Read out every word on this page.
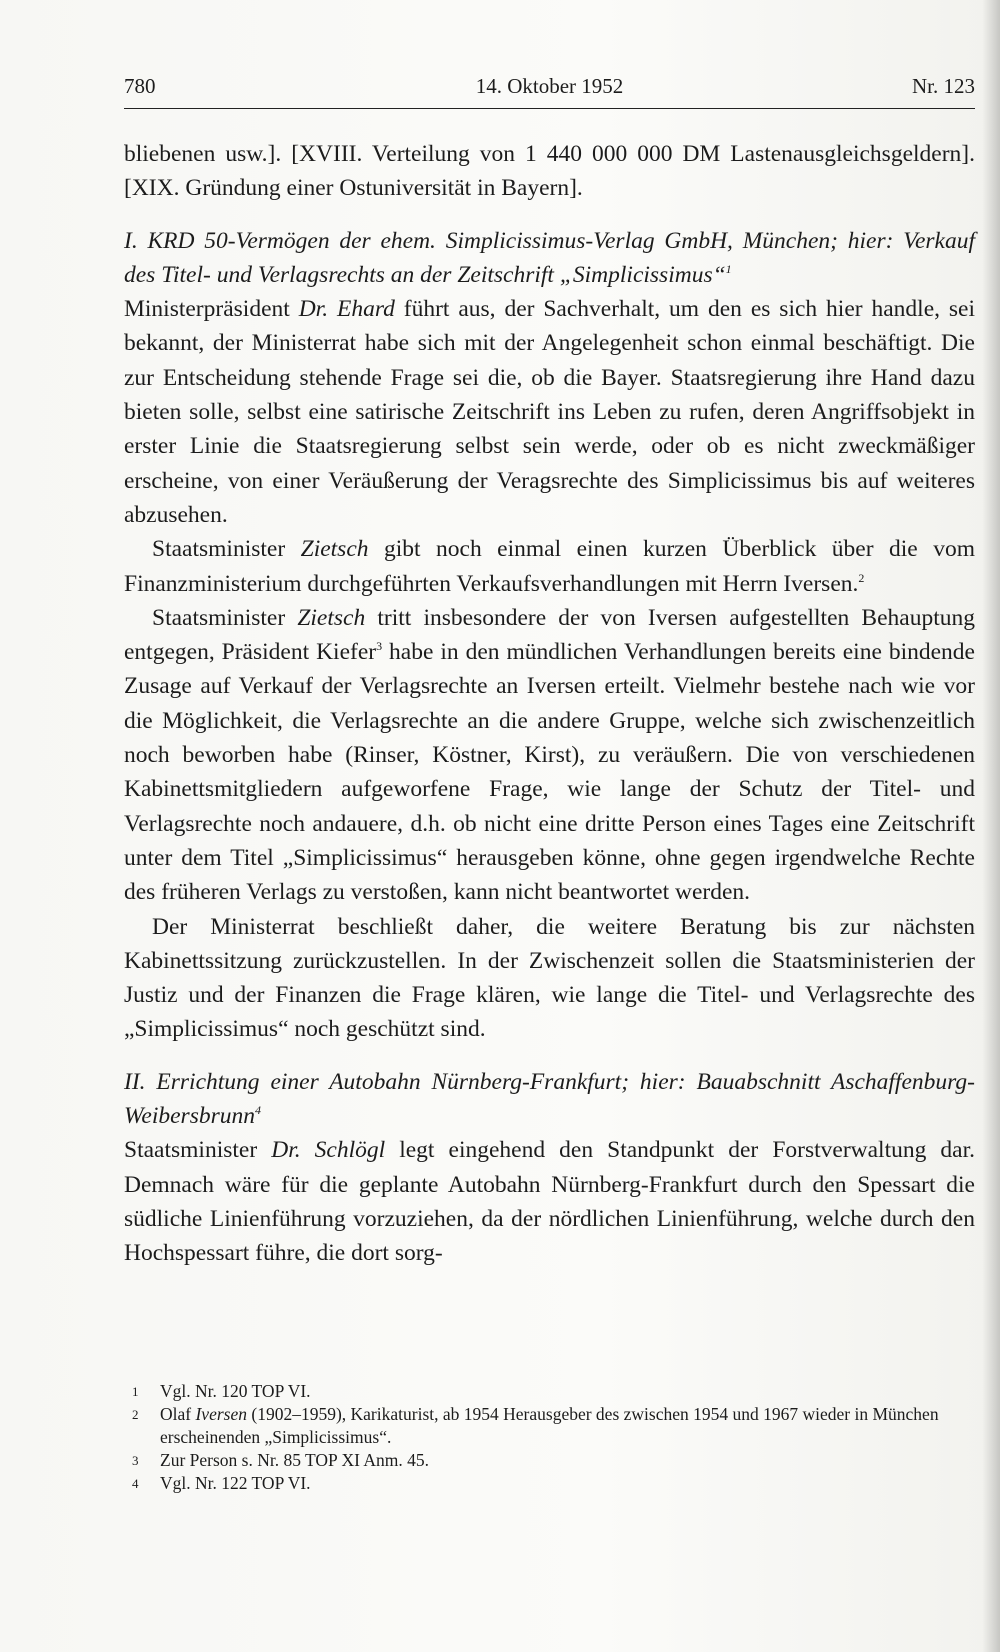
780	14. Oktober 1952	Nr. 123

bliebenen usw.]. [XVIII. Verteilung von 1 440 000 000 DM Lastenausgleichsgeldern]. [XIX. Gründung einer Ostuniversität in Bayern].

I. KRD 50-Vermögen der ehem. Simplicissimus-Verlag GmbH, München; hier: Verkauf des Titel- und Verlagsrechts an der Zeitschrift „Simplicissimus“$^1$

Ministerpräsident Dr. Ehard führt aus, der Sachverhalt, um den es sich hier handle, sei bekannt, der Ministerrat habe sich mit der Angelegenheit schon einmal beschäftigt. Die zur Entscheidung stehende Frage sei die, ob die Bayer. Staatsregierung ihre Hand dazu bieten solle, selbst eine satirische Zeitschrift ins Leben zu rufen, deren Angriffsobjekt in erster Linie die Staatsregierung selbst sein werde, oder ob es nicht zweckmäßiger erscheine, von einer Veräußerung der Veragsrechte des Simplicissimus bis auf weiteres abzusehen.

Staatsminister Zietsch gibt noch einmal einen kurzen Überblick über die vom Finanzministerium durchgeführten Verkaufsverhandlungen mit Herrn Iversen.$^2$

Staatsminister Zietsch tritt insbesondere der von Iversen aufgestellten Behauptung entgegen, Präsident Kiefer$^3$ habe in den mündlichen Verhandlungen bereits eine bindende Zusage auf Verkauf der Verlagsrechte an Iversen erteilt. Vielmehr bestehe nach wie vor die Möglichkeit, die Verlagsrechte an die andere Gruppe, welche sich zwischenzeitlich noch beworben habe (Rinser, Köstner, Kirst), zu veräußern. Die von verschiedenen Kabinettsmitgliedern aufgeworfene Frage, wie lange der Schutz der Titel- und Verlagsrechte noch andauere, d.h. ob nicht eine dritte Person eines Tages eine Zeitschrift unter dem Titel „Simplicissimus“ herausgeben könne, ohne gegen irgendwelche Rechte des früheren Verlags zu verstoßen, kann nicht beantwortet werden.

Der Ministerrat beschließt daher, die weitere Beratung bis zur nächsten Kabinettssitzung zurückzustellen. In der Zwischenzeit sollen die Staatsministerien der Justiz und der Finanzen die Frage klären, wie lange die Titel- und Verlagsrechte des „Simplicissimus“ noch geschützt sind.

II. Errichtung einer Autobahn Nürnberg-Frankfurt; hier: Bauabschnitt Aschaffenburg-Weibersbrunn$^4$

Staatsminister Dr. Schlögl legt eingehend den Standpunkt der Forstverwaltung dar. Demnach wäre für die geplante Autobahn Nürnberg-Frankfurt durch den Spessart die südliche Linienführung vorzuziehen, da der nördlichen Linienführung, welche durch den Hochspessart führe, die dort sorg-

1 Vgl. Nr. 120 TOP VI.
2 Olaf Iversen (1902–1959), Karikaturist, ab 1954 Herausgeber des zwischen 1954 und 1967 wieder in München erscheinenden „Simplicissimus“.
3 Zur Person s. Nr. 85 TOP XI Anm. 45.
4 Vgl. Nr. 122 TOP VI.
